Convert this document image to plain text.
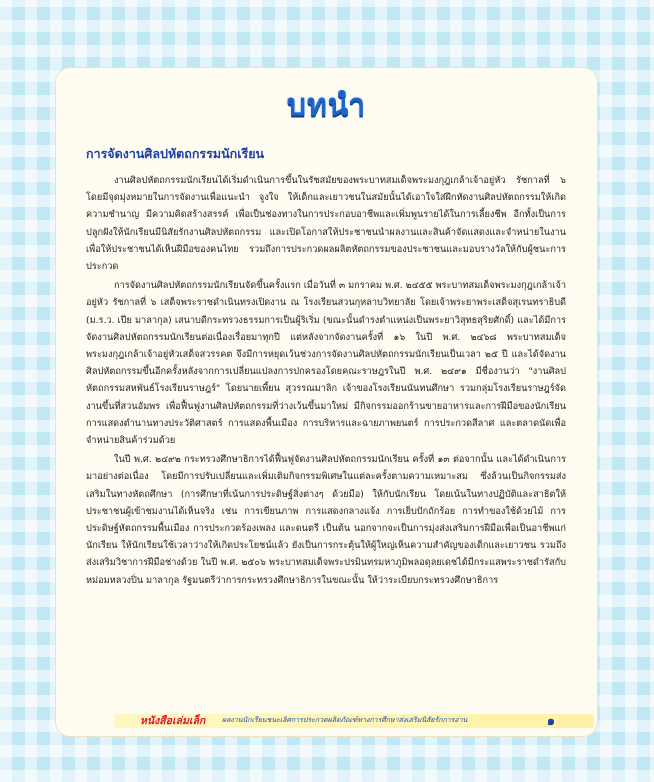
บทนำ
การจัดงานศิลปหัตถกรรมนักเรียน

งานศิลปหัตถกรรมนักเรียนได้เริ่มดำเนินการขึ้นในรัชสมัยของพระบาทสมเด็จพระมงกุฎเกล้าเจ้าอยู่หัว รัชกาลที่ ๖ โดยมีจุดมุ่งหมายในการจัดงานเพื่อแนะนำ จูงใจ ให้เด็กและเยาวชนในสมัยนั้นได้เอาใจใส่ฝึกหัดงานศิลปหัตถกรรมให้เกิดความชำนาญ มีความคิดสร้างสรรค์ เพื่อเป็นช่องทางในการประกอบอาชีพและเพิ่มพูนรายได้ในการเลี้ยงชีพ อีกทั้งเป็นการปลูกฝังให้นักเรียนมีนิสัยรักงานศิลปหัตถกรรม และเปิดโอกาสให้ประชาชนนำผลงานและสินค้าจัดแสดงและจำหน่ายในงานเพื่อให้ประชาชนได้เห็นฝีมือของคนไทย รวมถึงการประกวดผลผลิตหัตถกรรมของประชาชนและมอบรางวัลให้กับผู้ชนะการประกวด

การจัดงานศิลปหัตถกรรมนักเรียนจัดขึ้นครั้งแรก เมื่อวันที่ ๓ มกราคม พ.ศ. ๒๔๕๕ พระบาทสมเด็จพระมงกุฎเกล้าเจ้าอยู่หัว รัชกาลที่ ๖ เสด็จพระราชดำเนินทรงเปิดงาน ณ โรงเรียนสวนกุหลาบวิทยาลัย โดยเจ้าพระยาพระเสด็จสุเรนทราธิบดี (ม.ร.ว. เปีย มาลากุล) เสนาบดีกระทรวงธรรมการเป็นผู้ริเริ่ม (ขณะนั้นดำรงตำแหน่งเป็นพระยาวิสุทธสุริยศักดิ์) และได้มีการจัดงานศิลปหัตถกรรมนักเรียนต่อเนื่องเรื่อยมาทุกปี แต่หลังจากจัดงานครั้งที่ ๑๖ ในปี พ.ศ. ๒๔๖๘ พระบาทสมเด็จพระมงกุฎเกล้าเจ้าอยู่หัวเสด็จสวรรคต จึงมีการหยุดเว้นช่วงการจัดงานศิลปหัตถกรรมนักเรียนเป็นเวลา ๒๕ ปี และได้จัดงานศิลปหัตถกรรมขึ้นอีกครั้งหลังจากการเปลี่ยนแปลงการปกครองโดยคณะราษฎรในปี พ.ศ. ๒๔๙๑ มีชื่องานว่า "งานศิลปหัตถกรรมสหพันธ์โรงเรียนราษฎร์" โดยนายเพี้ยน สุวรรณมาลิก เจ้าของโรงเรียนนันทนศึกษา รวมกลุ่มโรงเรียนราษฎร์จัดงานขึ้นที่สวนอัมพร เพื่อฟื้นฟูงานศิลปหัตถกรรมที่ว่างเว้นขึ้นมาใหม่ มีกิจกรรมออกร้านขายอาหารและการฝีมือของนักเรียน การแสดงตำนานทางประวัติศาสตร์ การแสดงพื้นเมือง การบริหารและฉายภาพยนตร์ การประกวดสีลาศ และตลาดนัดเพื่อจำหน่ายสินค้าร่วมด้วย

ในปี พ.ศ. ๒๔๙๒ กระทรวงศึกษาธิการได้ฟื้นฟูจัดงานศิลปหัตถกรรมนักเรียน ครั้งที่ ๑๓ ต่อจากนั้น และได้ดำเนินการมาอย่างต่อเนื่อง โดยมีการปรับเปลี่ยนและเพิ่มเติมกิจกรรมพิเศษในแต่ละครั้งตามความเหมาะสม ซึ่งล้วนเป็นกิจกรรมส่งเสริมในทางหัตถศึกษา (การศึกษาที่เน้นการประดิษฐ์สิ่งต่างๆ ด้วยมือ) ให้กับนักเรียน โดยเน้นในทางปฏิบัติและสาธิตให้ประชาชนผู้เข้าชมงานได้เห็นจริง เช่น การเขียนภาพ การแสดงกลางแจ้ง การเย็บปักถักร้อย การทำของใช้ด้วยไม้ การประดิษฐ์หัตถกรรมพื้นเมือง การประกวดร้องเพลง และดนตรี เป็นต้น นอกจากจะเป็นการมุ่งส่งเสริมการฝีมือเพื่อเป็นอาชีพแก่นักเรียน ให้นักเรียนใช้เวลาว่างให้เกิดประโยชน์แล้ว ยังเป็นการกระตุ้นให้ผู้ใหญ่เห็นความสำคัญของเด็กและเยาวชน รวมถึงส่งเสริมวิชาการฝีมือช่างด้วย ในปี พ.ศ. ๒๕๐๖ พระบาทสมเด็จพระปรมินทรมหาภูมิพลอดุลยเดชได้มีกระแสพระราชดำรัสกับหม่อมหลวงปิ่น มาลากุล รัฐมนตรีว่าการกระทรวงศึกษาธิการในขณะนั้น ให้ว่าระเบียบกระทรวงศึกษาธิการ

หนังสือเล่มเล็ก ผลงานนักเรียนชนะเลิศการประกวดผลิตภัณฑ์ทางการศึกษาส่งเสริมนิสัยรักการอ่าน	๑
